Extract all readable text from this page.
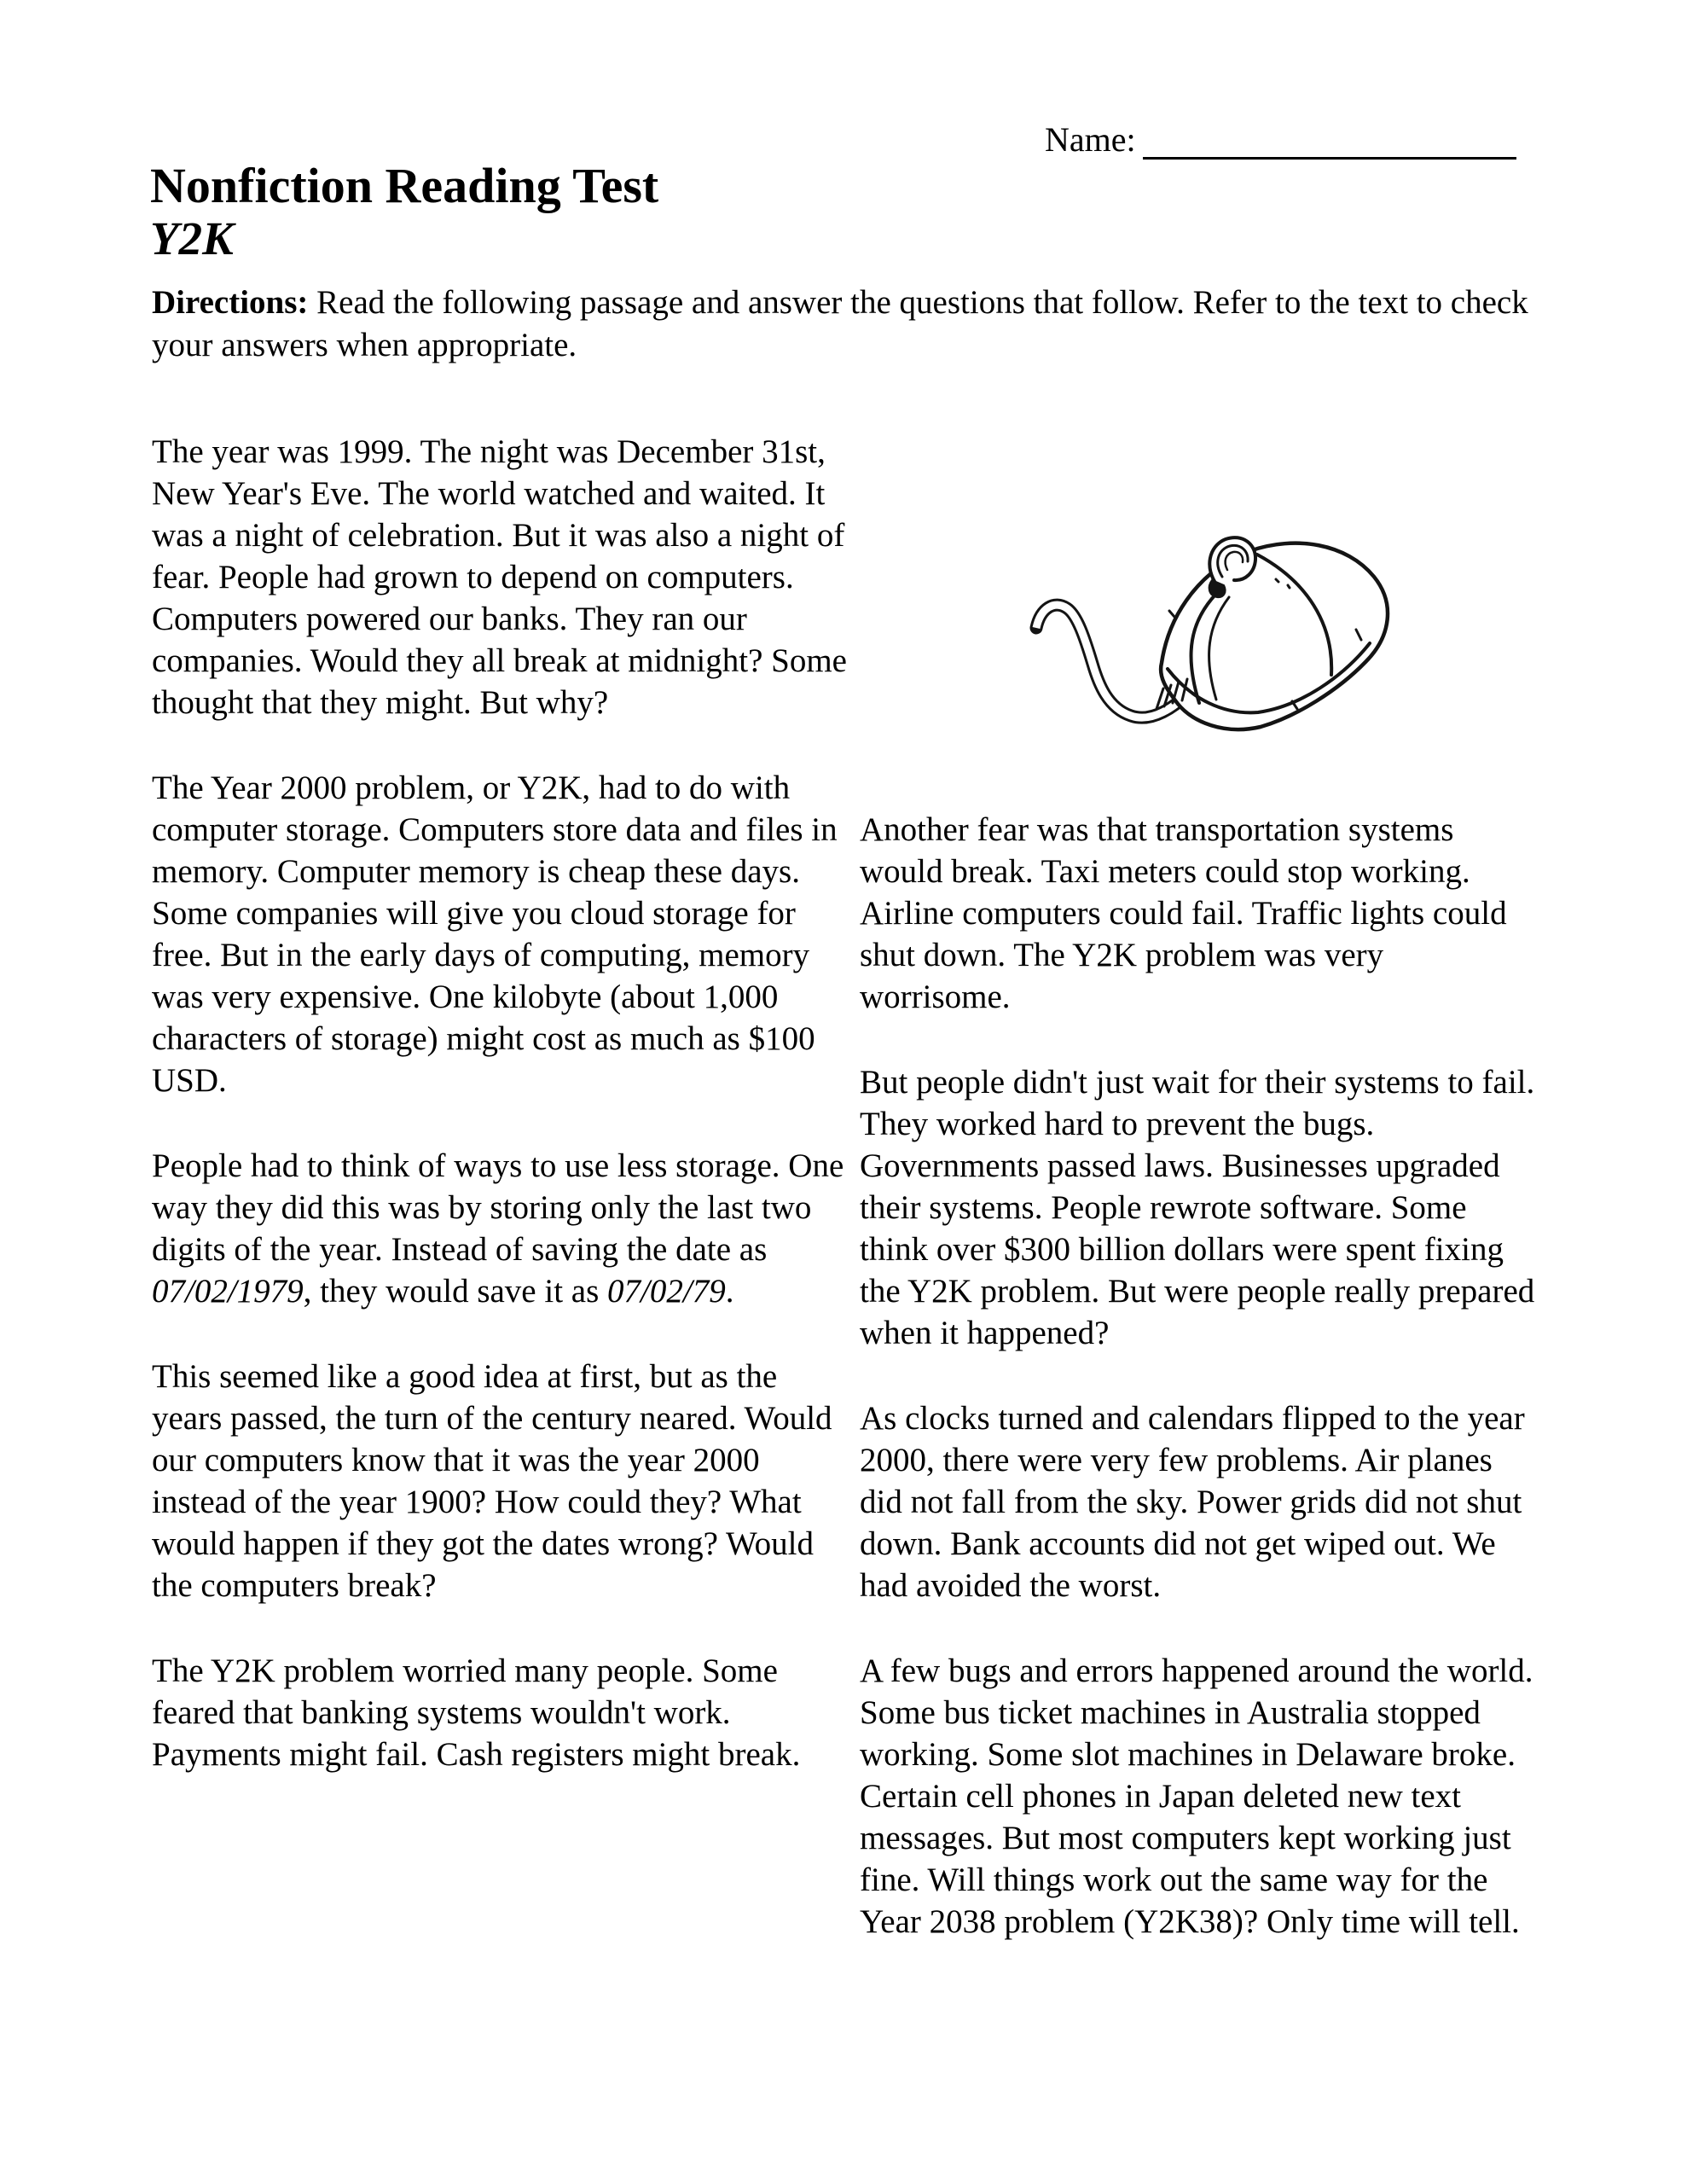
Name:
Nonfiction Reading Test
Y2K
Directions: Read the following passage and answer the questions that follow. Refer to the text to check your answers when appropriate.

The year was 1999. The night was December 31st, New Year's Eve. The world watched and waited. It was a night of celebration. But it was also a night of fear. People had grown to depend on computers. Computers powered our banks. They ran our companies. Would they all break at midnight? Some thought that they might. But why?

The Year 2000 problem, or Y2K, had to do with computer storage. Computers store data and files in memory. Computer memory is cheap these days. Some companies will give you cloud storage for free. But in the early days of computing, memory was very expensive. One kilobyte (about 1,000 characters of storage) might cost as much as $100 USD.

People had to think of ways to use less storage. One way they did this was by storing only the last two digits of the year. Instead of saving the date as 07/02/1979, they would save it as 07/02/79.

This seemed like a good idea at first, but as the years passed, the turn of the century neared. Would our computers know that it was the year 2000 instead of the year 1900? How could they? What would happen if they got the dates wrong? Would the computers break?

The Y2K problem worried many people. Some feared that banking systems wouldn't work. Payments might fail. Cash registers might break.

Another fear was that transportation systems would break. Taxi meters could stop working. Airline computers could fail. Traffic lights could shut down. The Y2K problem was very worrisome.

But people didn't just wait for their systems to fail. They worked hard to prevent the bugs. Governments passed laws. Businesses upgraded their systems. People rewrote software. Some think over $300 billion dollars were spent fixing the Y2K problem. But were people really prepared when it happened?

As clocks turned and calendars flipped to the year 2000, there were very few problems. Air planes did not fall from the sky. Power grids did not shut down. Bank accounts did not get wiped out. We had avoided the worst.

A few bugs and errors happened around the world. Some bus ticket machines in Australia stopped working. Some slot machines in Delaware broke. Certain cell phones in Japan deleted new text messages. But most computers kept working just fine. Will things work out the same way for the Year 2038 problem (Y2K38)? Only time will tell.
